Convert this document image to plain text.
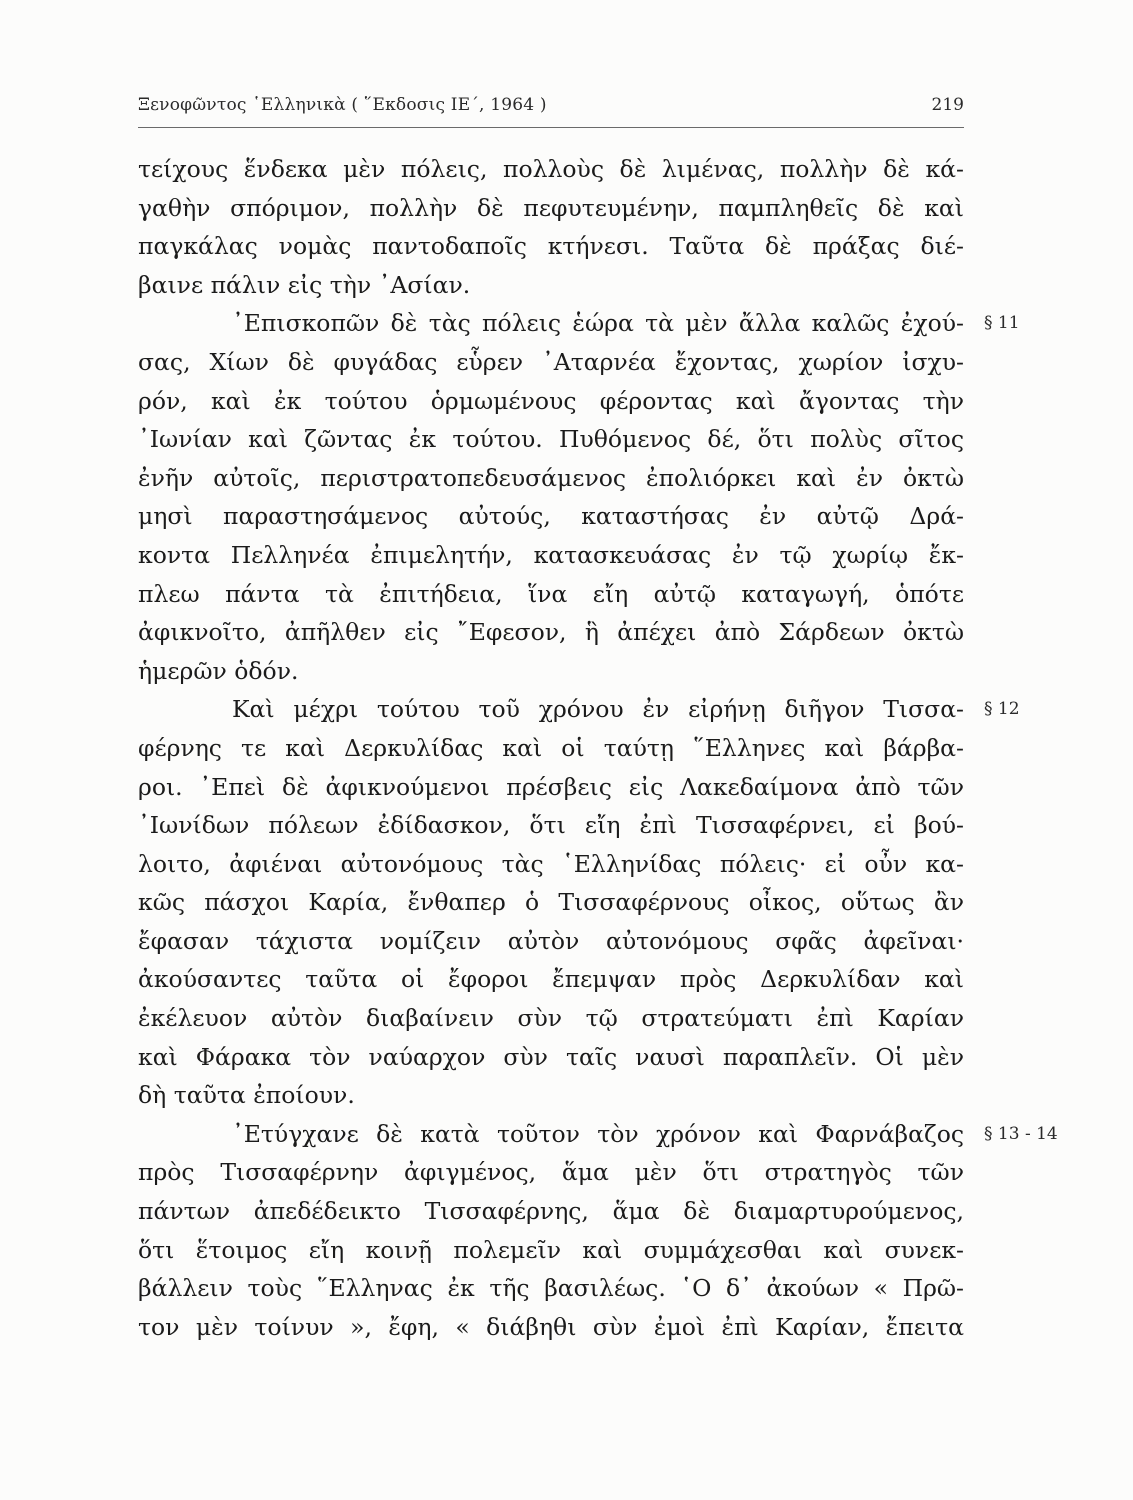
Ξενοφῶντος ῾Ελληνικὰ ( ῞Εκδοσις ΙΕ΄, 1964 )	219
τείχους ἕνδεκα μὲν πόλεις, πολλοὺς δὲ λιμένας, πολλὴν δὲ κά-
γαθὴν σπόριμον, πολλὴν δὲ πεφυτευμένην, παμπληθεῖς δὲ καὶ
παγκάλας νομὰς παντοδαποῖς κτήνεσι. Ταῦτα δὲ πράξας διέ-
βαινε πάλιν εἰς τὴν ᾿Ασίαν.
᾿Επισκοπῶν δὲ τὰς πόλεις ἑώρα τὰ μὲν ἄλλα καλῶς ἐχού- § 11
σας, Χίων δὲ φυγάδας εὗρεν ᾿Αταρνέα ἔχοντας, χωρίον ἰσχυ-
ρόν, καὶ ἐκ τούτου ὁρμωμένους φέροντας καὶ ἄγοντας τὴν
᾿Ιωνίαν καὶ ζῶντας ἐκ τούτου. Πυθόμενος δέ, ὅτι πολὺς σῖτος
ἐνῆν αὐτοῖς, περιστρατοπεδευσάμενος ἐπολιόρκει καὶ ἐν ὀκτὼ
μησὶ παραστησάμενος αὐτούς, καταστήσας ἐν αὐτῷ Δρά-
κοντα Πελληνέα ἐπιμελητήν, κατασκευάσας ἐν τῷ χωρίῳ ἔκ-
πλεω πάντα τὰ ἐπιτήδεια, ἵνα εἴη αὐτῷ καταγωγή, ὁπότε
ἀφικνοῖτο, ἀπῆλθεν εἰς ῎Εφεσον, ἣ ἀπέχει ἀπὸ Σάρδεων ὀκτὼ
ἡμερῶν ὁδόν.
Καὶ μέχρι τούτου τοῦ χρόνου ἐν εἰρήνῃ διῆγον Τισσα- § 12
φέρνης τε καὶ Δερκυλίδας καὶ οἱ ταύτῃ ῞Ελληνες καὶ βάρβα-
ροι. ᾿Επεὶ δὲ ἀφικνούμενοι πρέσβεις εἰς Λακεδαίμονα ἀπὸ τῶν
᾿Ιωνίδων πόλεων ἐδίδασκον, ὅτι εἴη ἐπὶ Τισσαφέρνει, εἰ βού-
λοιτο, ἀφιέναι αὐτονόμους τὰς ῾Ελληνίδας πόλεις· εἰ οὖν κα-
κῶς πάσχοι Καρία, ἔνθαπερ ὁ Τισσαφέρνους οἶκος, οὕτως ἂν
ἔφασαν τάχιστα νομίζειν αὐτὸν αὐτονόμους σφᾶς ἀφεῖναι·
ἀκούσαντες ταῦτα οἱ ἔφοροι ἔπεμψαν πρὸς Δερκυλίδαν καὶ
ἐκέλευον αὐτὸν διαβαίνειν σὺν τῷ στρατεύματι ἐπὶ Καρίαν
καὶ Φάρακα τὸν ναύαρχον σὺν ταῖς ναυσὶ παραπλεῖν. Οἱ μὲν
δὴ ταῦτα ἐποίουν.
᾿Ετύγχανε δὲ κατὰ τοῦτον τὸν χρόνον καὶ Φαρνάβαζος § 13 - 14
πρὸς Τισσαφέρνην ἀφιγμένος, ἅμα μὲν ὅτι στρατηγὸς τῶν
πάντων ἀπεδέδεικτο Τισσαφέρνης, ἅμα δὲ διαμαρτυρούμενος,
ὅτι ἕτοιμος εἴη κοινῇ πολεμεῖν καὶ συμμάχεσθαι καὶ συνεκ-
βάλλειν τοὺς ῞Ελληνας ἐκ τῆς βασιλέως. ῾Ο δ᾿ ἀκούων « Πρῶ-
τον μὲν τοίνυν », ἔφη, « διάβηθι σὺν ἐμοὶ ἐπὶ Καρίαν, ἔπειτα
